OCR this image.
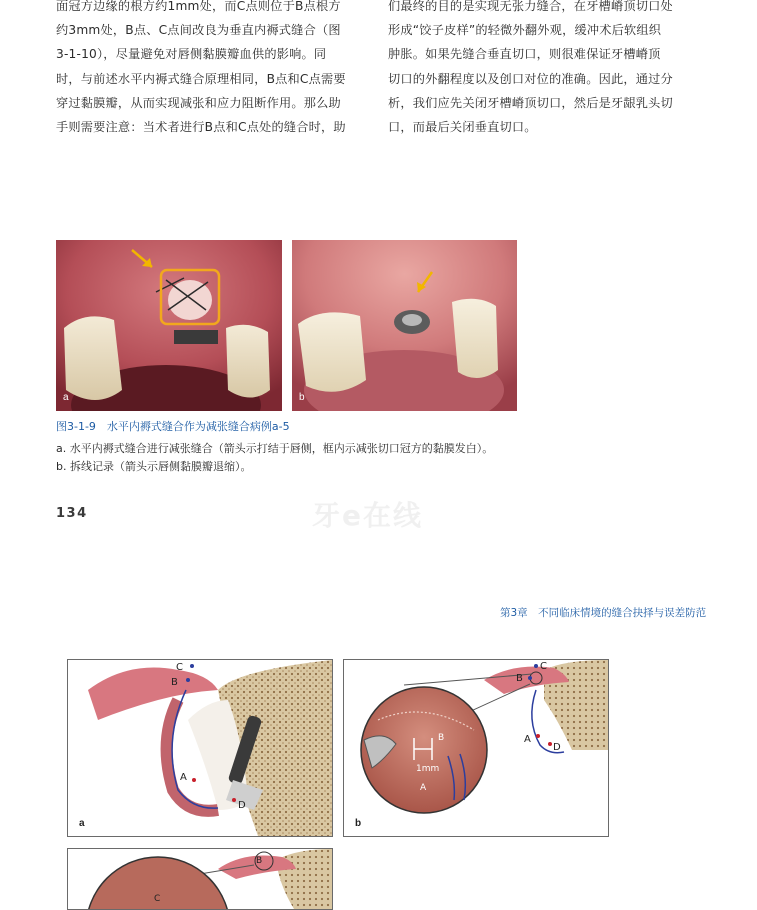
面冠方边缘的根方约1mm处，而C点则位于B点根方

约3mm处，B点、C点间改良为垂直内褥式缝合（图

3-1-10），尽量避免对唇侧黏膜瓣血供的影响。同

时，与前述水平内褥式缝合原理相同，B点和C点需要

穿过黏膜瓣，从而实现减张和应力阻断作用。那么助

手则需要注意：当术者进行B点和C点处的缝合时，助

们最终的目的是实现无张力缝合，在牙槽嵴顶切口处

形成“饺子皮样”的轻微外翻外观，缓冲术后软组织

肿胀。如果先缝合垂直切口，则很难保证牙槽嵴顶

切口的外翻程度以及创口对位的准确。因此，通过分

析，我们应先关闭牙槽嵴顶切口，然后是牙龈乳头切

口，而最后关闭垂直切口。

a	b
图3-1-9　水平内褥式缝合作为减张缝合病例a-5
a. 水平内褥式缝合进行减张缝合（箭头示打结于唇侧，框内示减张切口冠方的黏膜发白）。
b. 拆线记录（箭头示唇侧黏膜瓣退缩）。
134	牙e在线
第3章　不同临床情境的缝合抉择与误差防范
C
B
A
D
a
1mm
B
A
C
B
A
D
b
B
C
